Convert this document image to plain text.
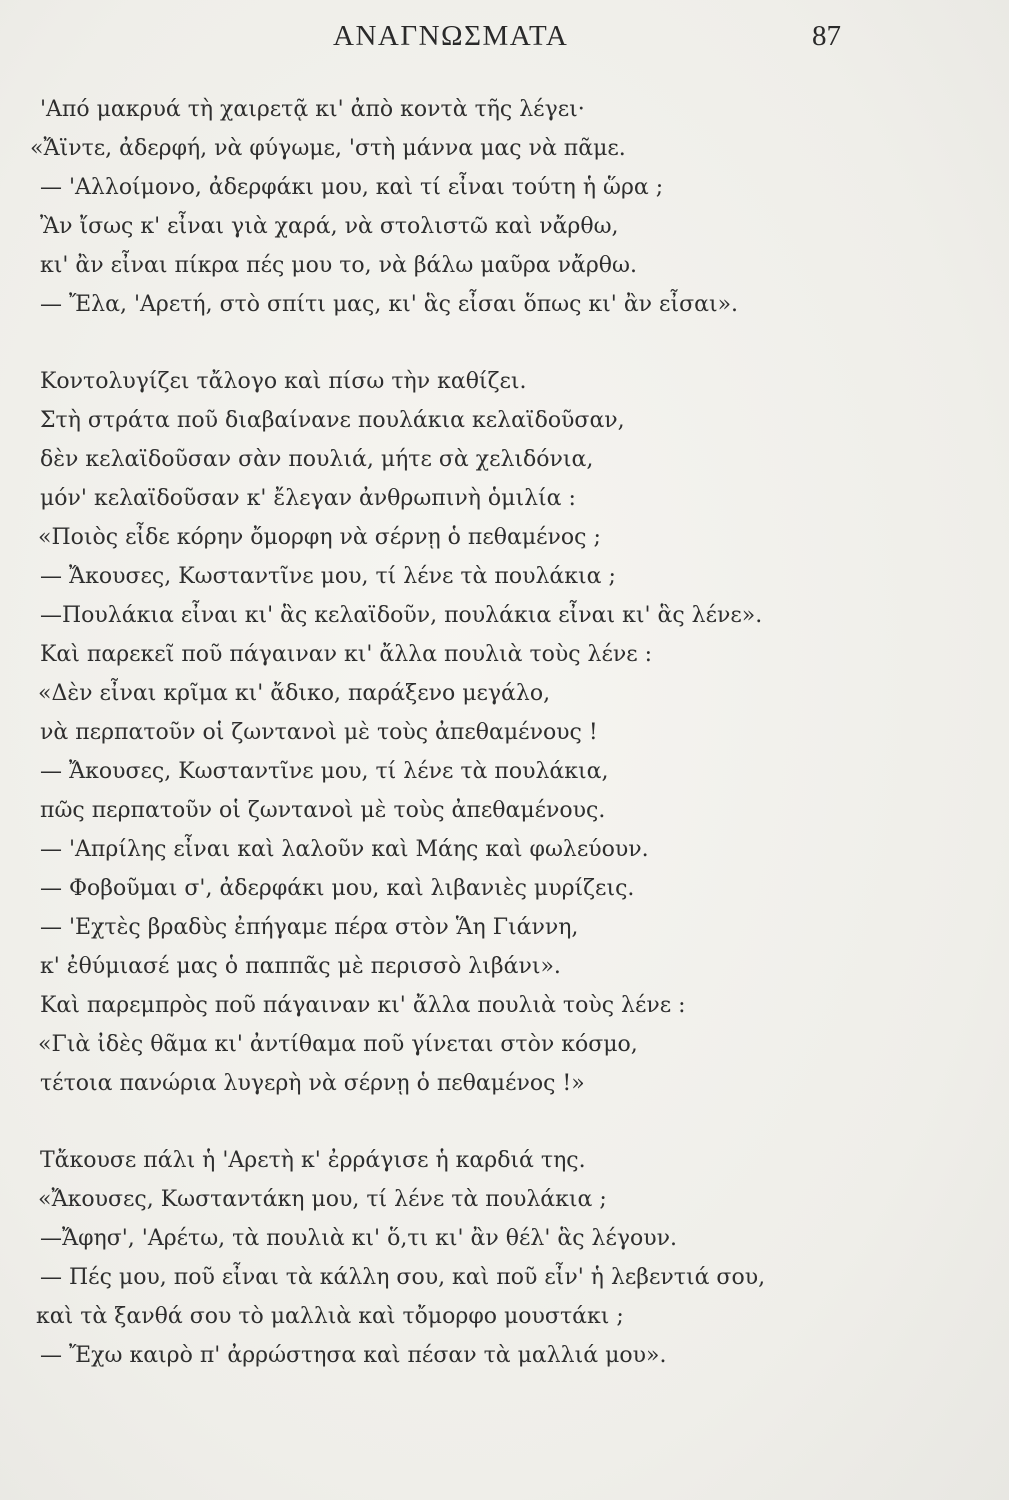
ΑΝΑΓΝΩΣΜΑΤΑ	87
'Από μακρυά τὴ χαιρετᾷ κι' ἀπὸ κοντὰ τῆς λέγει·
«Ἄϊντε, ἀδερφή, νὰ φύγωμε, 'στὴ μάννα μας νὰ πᾶμε.
— 'Αλλοίμονο, ἀδερφάκι μου, καὶ τί εἶναι τούτη ἡ ὥρα ;
Ἂν ἴσως κ' εἶναι γιὰ χαρά, νὰ στολιστῶ καὶ νἄρθω,
κι' ἂν εἶναι πίκρα πές μου το, νὰ βάλω μαῦρα νἄρθω.
— Ἔλα, 'Αρετή, στὸ σπίτι μας, κι' ἃς εἶσαι ὅπως κι' ἂν εἶσαι».
Κοντολυγίζει τἄλογο καὶ πίσω τὴν καθίζει.
Στὴ στράτα ποῦ διαβαίνανε πουλάκια κελαϊδοῦσαν,
δὲν κελαϊδοῦσαν σὰν πουλιά, μήτε σὰ χελιδόνια,
μόν' κελαϊδοῦσαν κ' ἔλεγαν ἀνθρωπινὴ ὁμιλία :
«Ποιὸς εἶδε κόρην ὄμορφη νὰ σέρνῃ ὁ πεθαμένος ;
— Ἄκουσες, Κωσταντῖνε μου, τί λένε τὰ πουλάκια ;
—Πουλάκια εἶναι κι' ἃς κελαϊδοῦν, πουλάκια εἶναι κι' ἃς λένε».
Καὶ παρεκεῖ ποῦ πάγαιναν κι' ἄλλα πουλιὰ τοὺς λένε :
«Δὲν εἶναι κρῖμα κι' ἄδικο, παράξενο μεγάλο,
νὰ περπατοῦν οἱ ζωντανοὶ μὲ τοὺς ἀπεθαμένους !
— Ἄκουσες, Κωσταντῖνε μου, τί λένε τὰ πουλάκια,
πῶς περπατοῦν οἱ ζωντανοὶ μὲ τοὺς ἀπεθαμένους.
— 'Απρίλης εἶναι καὶ λαλοῦν καὶ Μάης καὶ φωλεύουν.
— Φοβοῦμαι σ', ἀδερφάκι μου, καὶ λιβανιὲς μυρίζεις.
— 'Εχτὲς βραδὺς ἐπήγαμε πέρα στὸν Ἅη Γιάννη,
κ' ἐθύμιασέ μας ὁ παππᾶς μὲ περισσὸ λιβάνι».
Καὶ παρεμπρὸς ποῦ πάγαιναν κι' ἄλλα πουλιὰ τοὺς λένε :
«Γιὰ ἰδὲς θᾶμα κι' ἀντίθαμα ποῦ γίνεται στὸν κόσμο,
τέτοια πανώρια λυγερὴ νὰ σέρνῃ ὁ πεθαμένος !»
Τἄκουσε πάλι ἡ 'Αρετὴ κ' ἐρράγισε ἡ καρδιά της.
«Ἄκουσες, Κωσταντάκη μου, τί λένε τὰ πουλάκια ;
—Ἄφησ', 'Αρέτω, τὰ πουλιὰ κι' ὅ,τι κι' ἂν θέλ' ἃς λέγουν.
— Πές μου, ποῦ εἶναι τὰ κάλλη σου, καὶ ποῦ εἶν' ἡ λεβεντιά σου,
καὶ τὰ ξανθά σου τὸ μαλλιὰ καὶ τὄμορφο μουστάκι ;
— Ἔχω καιρὸ π' ἀρρώστησα καὶ πέσαν τὰ μαλλιά μου».
